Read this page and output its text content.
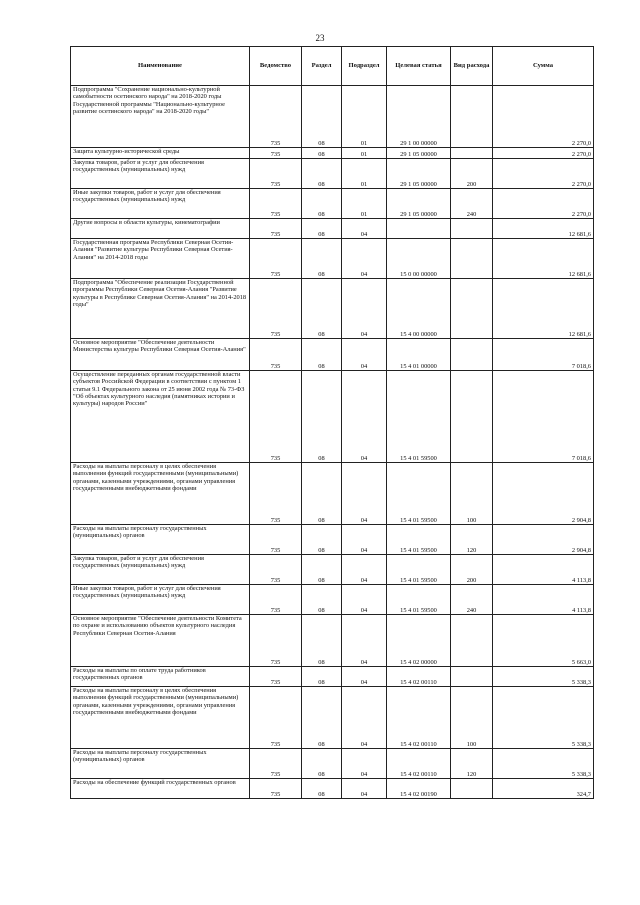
23
Наименование	Ведомство	Раздел	Подраздел	Целевая статья	Вид расхода	Сумма
Подпрограмма "Сохранение национально-культурной самобытности осетинского народа" на 2018-2020 годы Государственной программы "Национально-культурное развитие осетинского народа" на 2018-2020 годы"	735	08	01	29 1 00 00000		2 270,0
Защита культурно-исторической среды	735	08	01	29 1 05 00000		2 270,0
Закупка товаров, работ и услуг для обеспечения государственных (муниципальных) нужд	735	08	01	29 1 05 00000	200	2 270,0
Иные закупки товаров, работ и услуг для обеспечения государственных (муниципальных) нужд	735	08	01	29 1 05 00000	240	2 270,0
Другие вопросы в области культуры, кинематографии	735	08	04			12 681,6
Государственная программа Республики Северная Осетия-Алания "Развитие культуры Республики Северная Осетия-Алания" на 2014-2018 годы	735	08	04	15 0 00 00000		12 681,6
Подпрограмма "Обеспечение реализации Государственной программы Республики Северная Осетия-Алания "Развитие культуры в Республике Северная Осетия-Алания" на 2014-2018 годы"	735	08	04	15 4 00 00000		12 681,6
Основное мероприятие "Обеспечение деятельности Министерства культуры Республики Северная Осетия-Алания"	735	08	04	15 4 01 00000		7 018,6
Осуществление переданных органам государственной власти субъектов Российской Федерации в соответствии с пунктом 1 статьи 9.1 Федерального закона от 25 июня 2002 года № 73-ФЗ "Об объектах культурного наследия (памятниках истории и культуры) народов России"	735	08	04	15 4 01 59500		7 018,6
Расходы на выплаты персоналу в целях обеспечения выполнения функций государственными (муниципальными) органами, казенными учреждениями, органами управления государственными внебюджетными фондами	735	08	04	15 4 01 59500	100	2 904,8
Расходы на выплаты персоналу государственных (муниципальных) органов	735	08	04	15 4 01 59500	120	2 904,8
Закупка товаров, работ и услуг для обеспечения государственных (муниципальных) нужд	735	08	04	15 4 01 59500	200	4 113,8
Иные закупки товаров, работ и услуг для обеспечения государственных (муниципальных) нужд	735	08	04	15 4 01 59500	240	4 113,8
Основное мероприятие "Обеспечение деятельности Комитета по охране и использованию объектов культурного наследия Республики Северная Осетия-Алания	735	08	04	15 4 02 00000		5 663,0
Расходы на выплаты по оплате труда работников государственных органов	735	08	04	15 4 02 00110		5 338,3
Расходы на выплаты персоналу в целях обеспечения выполнения функций государственными (муниципальными) органами, казенными учреждениями, органами управления государственными внебюджетными фондами	735	08	04	15 4 02 00110	100	5 338,3
Расходы на выплаты персоналу государственных (муниципальных) органов	735	08	04	15 4 02 00110	120	5 338,3
Расходы на обеспечение функций государственных органов	735	08	04	15 4 02 00190		324,7
